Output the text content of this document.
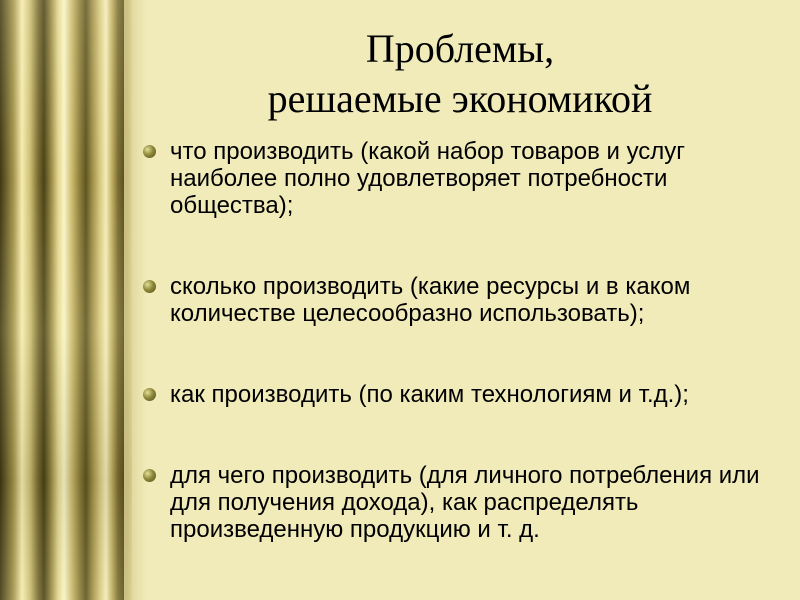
Проблемы,
решаемые экономикой
что производить (какой набор товаров и услуг наиболее полно удовлетворяет потребности общества);
сколько производить (какие ресурсы и в каком количестве целесообразно использовать);
как производить (по каким технологиям и т.д.);
для чего производить (для личного потребления или для получения дохода), как распределять произведенную продукцию и т. д.
